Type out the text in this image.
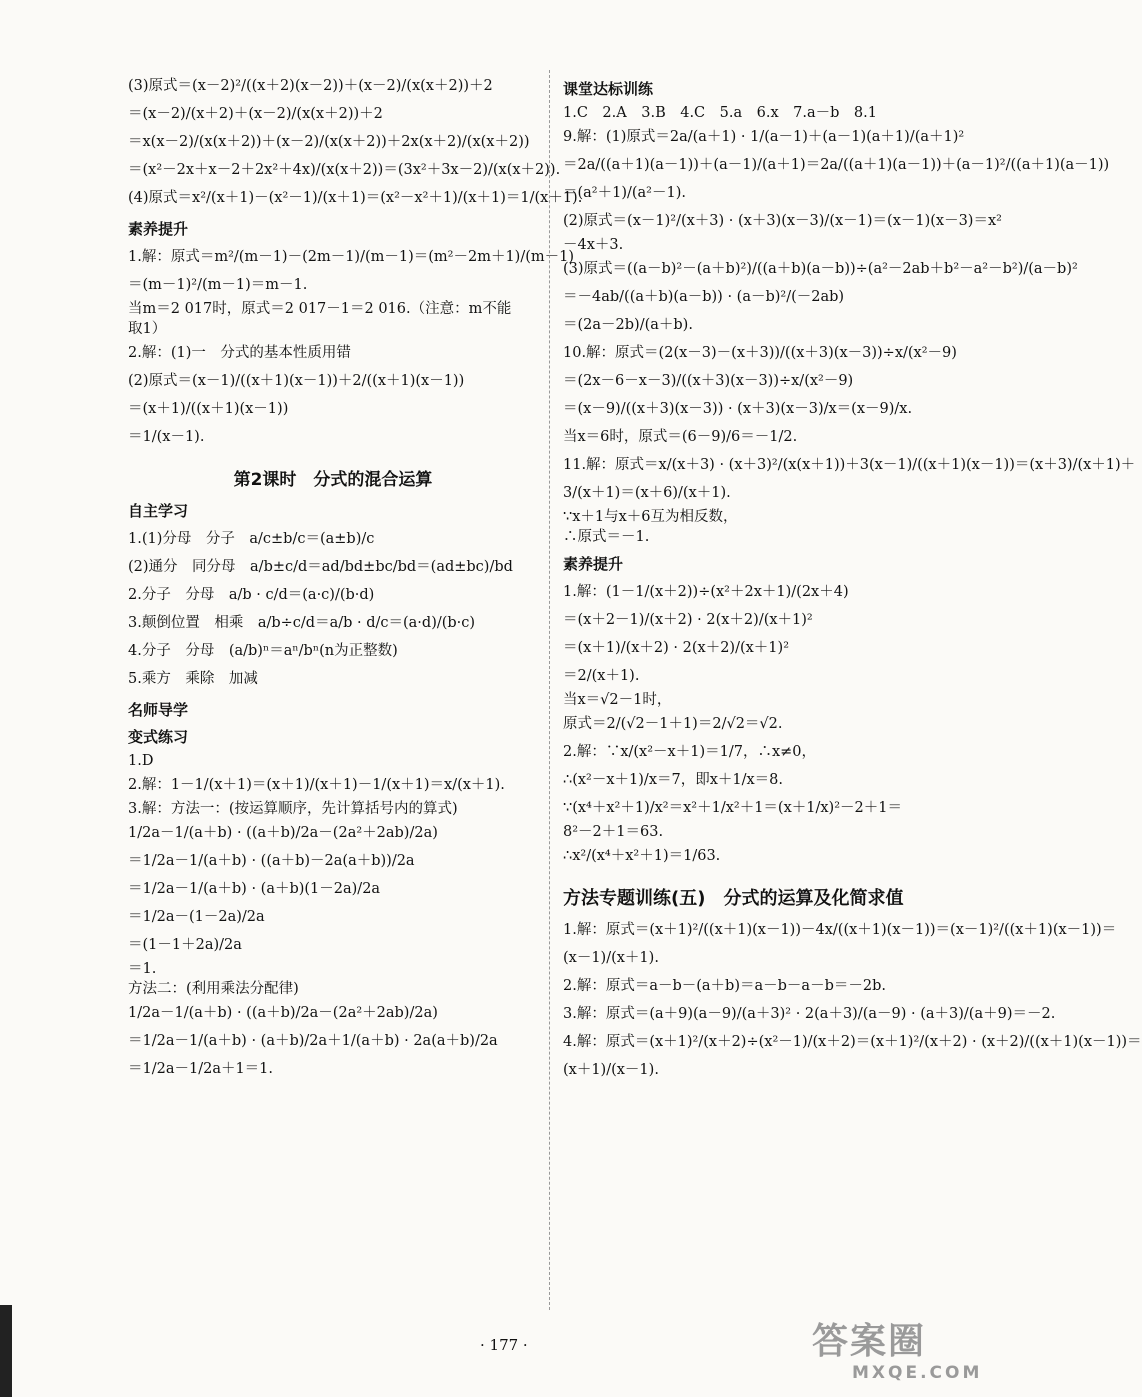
(3)原式＝(x－2)²/((x＋2)(x－2))＋(x－2)/(x(x＋2))＋2
＝(x－2)/(x＋2)＋(x－2)/(x(x＋2))＋2
＝x(x－2)/(x(x＋2))＋(x－2)/(x(x＋2))＋2x(x＋2)/(x(x＋2))
＝(x²－2x＋x－2＋2x²＋4x)/(x(x＋2))＝(3x²＋3x－2)/(x(x＋2)).
(4)原式＝x²/(x＋1)－(x²－1)/(x＋1)＝(x²－x²＋1)/(x＋1)＝1/(x＋1).
素养提升
1.解：原式＝m²/(m－1)－(2m－1)/(m－1)＝(m²－2m＋1)/(m－1)
＝(m－1)²/(m－1)＝m－1.
当m＝2 017时，原式＝2 017－1＝2 016.（注意：m不能
取1）
2.解：(1)一　分式的基本性质用错
(2)原式＝(x－1)/((x＋1)(x－1))＋2/((x＋1)(x－1))
＝(x＋1)/((x＋1)(x－1))
＝1/(x－1).
第2课时　分式的混合运算
自主学习
1.(1)分母　分子　a/c±b/c＝(a±b)/c
(2)通分　同分母　a/b±c/d＝ad/bd±bc/bd＝(ad±bc)/bd
2.分子　分母　a/b · c/d＝(a·c)/(b·d)
3.颠倒位置　相乘　a/b÷c/d＝a/b · d/c＝(a·d)/(b·c)
4.分子　分母　(a/b)ⁿ＝aⁿ/bⁿ(n为正整数)
5.乘方　乘除　加减
名师导学
变式练习
1.D
2.解：1－1/(x＋1)＝(x＋1)/(x＋1)－1/(x＋1)＝x/(x＋1).
3.解：方法一：(按运算顺序，先计算括号内的算式)
1/2a－1/(a＋b) · ((a＋b)/2a－(2a²＋2ab)/2a)
＝1/2a－1/(a＋b) · ((a＋b)－2a(a＋b))/2a
＝1/2a－1/(a＋b) · (a＋b)(1－2a)/2a
＝1/2a－(1－2a)/2a
＝(1－1＋2a)/2a
＝1.
方法二：(利用乘法分配律)
1/2a－1/(a＋b) · ((a＋b)/2a－(2a²＋2ab)/2a)
＝1/2a－1/(a＋b) · (a＋b)/2a＋1/(a＋b) · 2a(a＋b)/2a
＝1/2a－1/2a＋1＝1.
课堂达标训练
1.C　2.A　3.B　4.C　5.a　6.x　7.a－b　8.1
9.解：(1)原式＝2a/(a＋1) · 1/(a－1)＋(a－1)(a＋1)/(a＋1)²
＝2a/((a＋1)(a－1))＋(a－1)/(a＋1)＝2a/((a＋1)(a－1))＋(a－1)²/((a＋1)(a－1))
＝(a²＋1)/(a²－1).
(2)原式＝(x－1)²/(x＋3) · (x＋3)(x－3)/(x－1)＝(x－1)(x－3)＝x²
－4x＋3.
(3)原式＝((a－b)²－(a＋b)²)/((a＋b)(a－b))÷(a²－2ab＋b²－a²－b²)/(a－b)²
＝－4ab/((a＋b)(a－b)) · (a－b)²/(－2ab)
＝(2a－2b)/(a＋b).
10.解：原式＝(2(x－3)－(x＋3))/((x＋3)(x－3))÷x/(x²－9)
＝(2x－6－x－3)/((x＋3)(x－3))÷x/(x²－9)
＝(x－9)/((x＋3)(x－3)) · (x＋3)(x－3)/x＝(x－9)/x.
当x＝6时，原式＝(6－9)/6＝－1/2.
11.解：原式＝x/(x＋3) · (x＋3)²/(x(x＋1))＋3(x－1)/((x＋1)(x－1))＝(x＋3)/(x＋1)＋
3/(x＋1)＝(x＋6)/(x＋1).
∵x＋1与x＋6互为相反数，
∴原式＝－1.
素养提升
1.解：(1－1/(x＋2))÷(x²＋2x＋1)/(2x＋4)
＝(x＋2－1)/(x＋2) · 2(x＋2)/(x＋1)²
＝(x＋1)/(x＋2) · 2(x＋2)/(x＋1)²
＝2/(x＋1).
当x＝√2－1时，
原式＝2/(√2－1＋1)＝2/√2＝√2.
2.解：∵x/(x²－x＋1)＝1/7，∴x≠0，
∴(x²－x＋1)/x＝7，即x＋1/x＝8.
∵(x⁴＋x²＋1)/x²＝x²＋1/x²＋1＝(x＋1/x)²－2＋1＝
8²－2＋1＝63.
∴x²/(x⁴＋x²＋1)＝1/63.
方法专题训练(五)　分式的运算及化简求值
1.解：原式＝(x＋1)²/((x＋1)(x－1))－4x/((x＋1)(x－1))＝(x－1)²/((x＋1)(x－1))＝
(x－1)/(x＋1).
2.解：原式＝a－b－(a＋b)＝a－b－a－b＝－2b.
3.解：原式＝(a＋9)(a－9)/(a＋3)² · 2(a＋3)/(a－9) · (a＋3)/(a＋9)＝－2.
4.解：原式＝(x＋1)²/(x＋2)÷(x²－1)/(x＋2)＝(x＋1)²/(x＋2) · (x＋2)/((x＋1)(x－1))＝
(x＋1)/(x－1).
· 177 ·	答案圈
MXQE.COM
